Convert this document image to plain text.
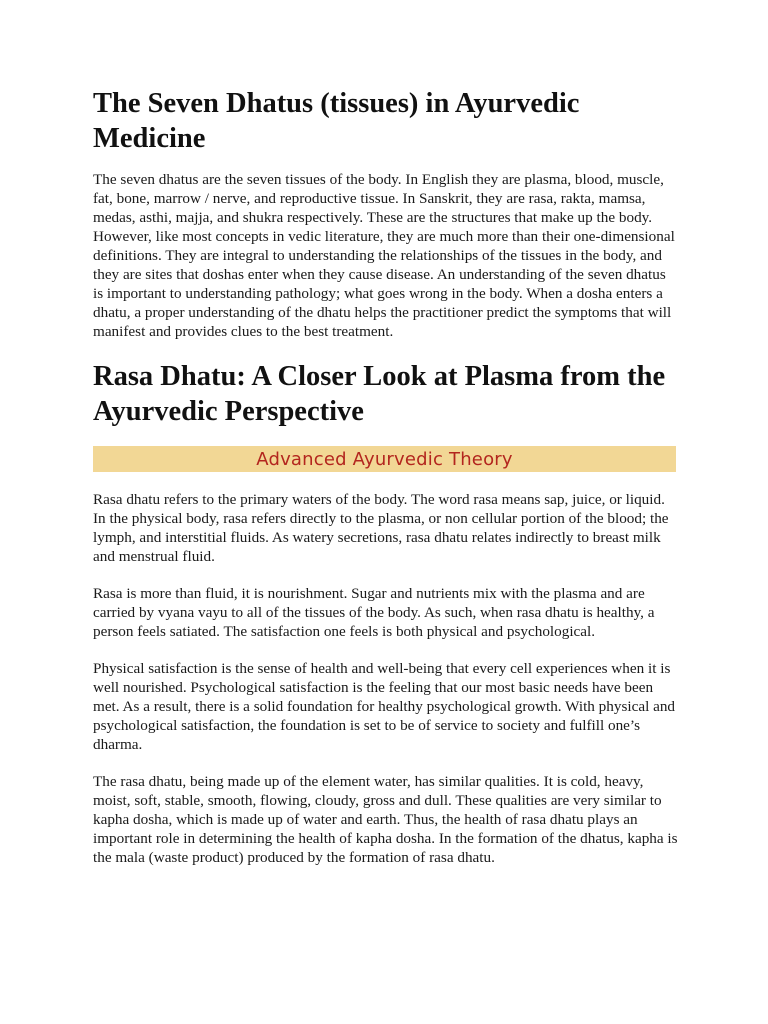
The Seven Dhatus (tissues) in Ayurvedic Medicine

The seven dhatus are the seven tissues of the body. In English they are plasma, blood, muscle, fat, bone, marrow / nerve, and reproductive tissue. In Sanskrit, they are rasa, rakta, mamsa, medas, asthi, majja, and shukra respectively. These are the structures that make up the body. However, like most concepts in vedic literature, they are much more than their one-dimensional definitions. They are integral to understanding the relationships of the tissues in the body, and they are sites that doshas enter when they cause disease. An understanding of the seven dhatus is important to understanding pathology; what goes wrong in the body. When a dosha enters a dhatu, a proper understanding of the dhatu helps the practitioner predict the symptoms that will manifest and provides clues to the best treatment.

Rasa Dhatu: A Closer Look at Plasma from the Ayurvedic Perspective
Advanced Ayurvedic Theory

Rasa dhatu refers to the primary waters of the body. The word rasa means sap, juice, or liquid. In the physical body, rasa refers directly to the plasma, or non cellular portion of the blood; the lymph, and interstitial fluids. As watery secretions, rasa dhatu relates indirectly to breast milk and menstrual fluid.

Rasa is more than fluid, it is nourishment. Sugar and nutrients mix with the plasma and are carried by vyana vayu to all of the tissues of the body. As such, when rasa dhatu is healthy, a person feels satiated. The satisfaction one feels is both physical and psychological.

Physical satisfaction is the sense of health and well-being that every cell experiences when it is well nourished. Psychological satisfaction is the feeling that our most basic needs have been met. As a result, there is a solid foundation for healthy psychological growth. With physical and psychological satisfaction, the foundation is set to be of service to society and fulfill one’s dharma.

The rasa dhatu, being made up of the element water, has similar qualities. It is cold, heavy, moist, soft, stable, smooth, flowing, cloudy, gross and dull. These qualities are very similar to kapha dosha, which is made up of water and earth. Thus, the health of rasa dhatu plays an important role in determining the health of kapha dosha. In the formation of the dhatus, kapha is the mala (waste product) produced by the formation of rasa dhatu.
